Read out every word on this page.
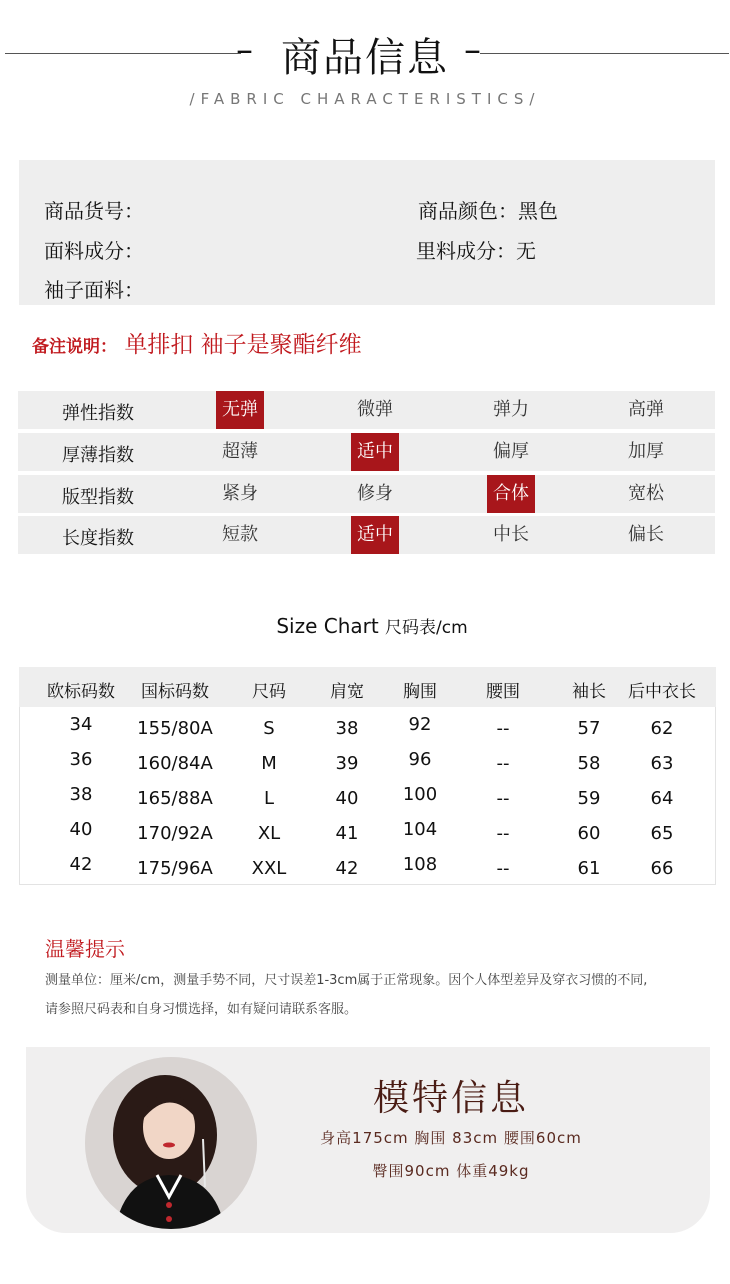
–	–
商品信息
/FABRIC CHARACTERISTICS/
商品货号：
面料成分：
袖子面料：
商品颜色：黑色
里料成分：无
备注说明： 单排扣 袖子是聚酯纤维
弹性指数	无弹	微弹	弹力	高弹
厚薄指数	超薄	适中	偏厚	加厚
版型指数	紧身	修身	合体	宽松
长度指数	短款	适中	中长	偏长
Size Chart 尺码表/cm
欧标码数	国标码数	尺码	肩宽	胸围	腰围	袖长	后中衣长
34	155/80A	S	38	92	--	57	62
36	160/84A	M	39	96	--	58	63
38	165/88A	L	40	100	--	59	64
40	170/92A	XL	41	104	--	60	65
42	175/96A	XXL	42	108	--	61	66
温馨提示
测量单位：厘米/cm，测量手势不同，尺寸误差1-3cm属于正常现象。因个人体型差异及穿衣习惯的不同,
请参照尺码表和自身习惯选择，如有疑问请联系客服。
模特信息
身高175cm 胸围 83cm 腰围60cm
臀围90cm 体重49kg
